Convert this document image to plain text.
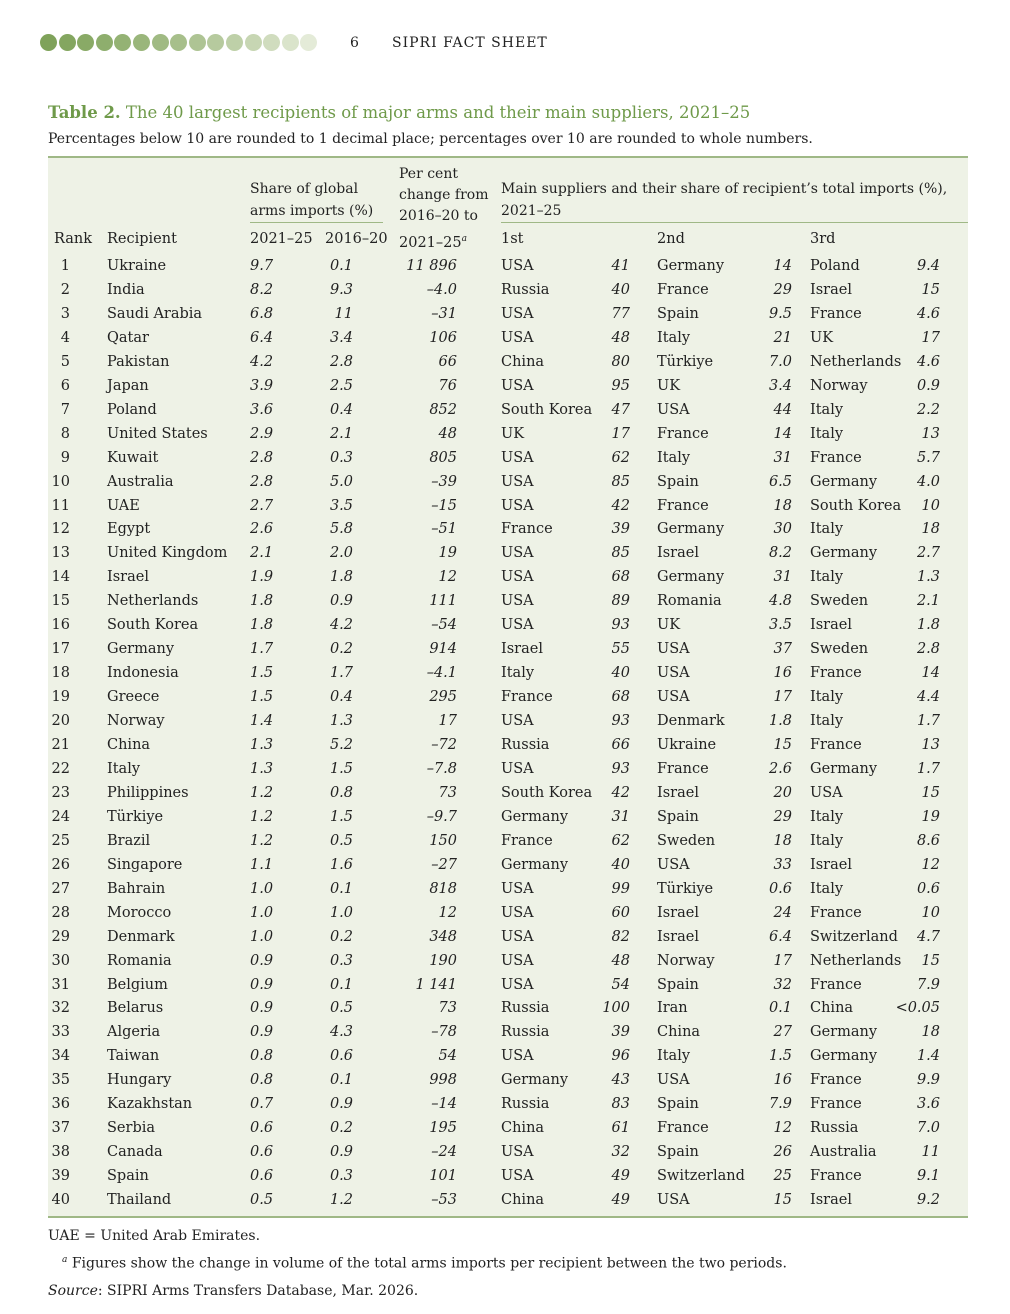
6 SIPRI FACT SHEET
Table 2. The 40 largest recipients of major arms and their main suppliers, 2021–25
Percentages below 10 are rounded to 1 decimal place; percentages over 10 are rounded to whole numbers.
Share of global
arms imports (%)
Per cent
change from
2016–20 to
Main suppliers and their share of recipient’s total imports (%),
2021–25
Rank Recipient	2021–25 2016–20 2021–25$^a$ 1st	2nd	3rd
1	Ukraine	9.7	0.1	11 896	USA	41 Germany	14 Poland	9.4
2	India	8.2	9.3	–4.0	Russia	40 France	29 Israel	15
3	Saudi Arabia	6.8	11	–31	USA	77 Spain	9.5 France	4.6
4	Qatar	6.4	3.4	106	USA	48 Italy	21 UK	17
5	Pakistan	4.2	2.8	66	China	80 Türkiye	7.0 Netherlands	4.6
6	Japan	3.9	2.5	76	USA	95 UK	3.4 Norway	0.9
7	Poland	3.6	0.4	852	South Korea	47 USA	44 Italy	2.2
8	United States	2.9	2.1	48	UK	17 France	14 Italy	13
9	Kuwait	2.8	0.3	805	USA	62 Italy	31 France	5.7
10	Australia	2.8	5.0	–39	USA	85 Spain	6.5 Germany	4.0
11	UAE	2.7	3.5	–15	USA	42 France	18 South Korea	10
12	Egypt	2.6	5.8	–51	France	39 Germany	30 Italy	18
13	United Kingdom	2.1	2.0	19	USA	85 Israel	8.2 Germany	2.7
14	Israel	1.9	1.8	12	USA	68 Germany	31 Italy	1.3
15	Netherlands	1.8	0.9	111	USA	89 Romania	4.8 Sweden	2.1
16	South Korea	1.8	4.2	–54	USA	93 UK	3.5 Israel	1.8
17	Germany	1.7	0.2	914	Israel	55 USA	37 Sweden	2.8
18	Indonesia	1.5	1.7	–4.1	Italy	40 USA	16 France	14
19	Greece	1.5	0.4	295	France	68 USA	17 Italy	4.4
20	Norway	1.4	1.3	17	USA	93 Denmark	1.8 Italy	1.7
21	China	1.3	5.2	–72	Russia	66 Ukraine	15 France	13
22	Italy	1.3	1.5	–7.8	USA	93 France	2.6 Germany	1.7
23	Philippines	1.2	0.8	73	South Korea	42 Israel	20 USA	15
24	Türkiye	1.2	1.5	–9.7	Germany	31 Spain	29 Italy	19
25	Brazil	1.2	0.5	150	France	62 Sweden	18 Italy	8.6
26	Singapore	1.1	1.6	–27	Germany	40 USA	33 Israel	12
27	Bahrain	1.0	0.1	818	USA	99 Türkiye	0.6 Italy	0.6
28	Morocco	1.0	1.0	12	USA	60 Israel	24 France	10
29	Denmark	1.0	0.2	348	USA	82 Israel	6.4 Switzerland	4.7
30	Romania	0.9	0.3	190	USA	48 Norway	17 Netherlands	15
31	Belgium	0.9	0.1	1 141	USA	54 Spain	32 France	7.9
32	Belarus	0.9	0.5	73	Russia	100 Iran	0.1 China	<0.05
33	Algeria	0.9	4.3	–78	Russia	39 China	27 Germany	18
34	Taiwan	0.8	0.6	54	USA	96 Italy	1.5 Germany	1.4
35	Hungary	0.8	0.1	998	Germany	43 USA	16 France	9.9
36	Kazakhstan	0.7	0.9	–14	Russia	83 Spain	7.9 France	3.6
37	Serbia	0.6	0.2	195	China	61 France	12 Russia	7.0
38	Canada	0.6	0.9	–24	USA	32 Spain	26 Australia	11
39	Spain	0.6	0.3	101	USA	49 Switzerland	25 France	9.1
40	Thailand	0.5	1.2	–53	China	49 USA	15 Israel	9.2
UAE = United Arab Emirates.
$^a$ Figures show the change in volume of the total arms imports per recipient between the two periods.
Source: SIPRI Arms Transfers Database, Mar. 2026.
